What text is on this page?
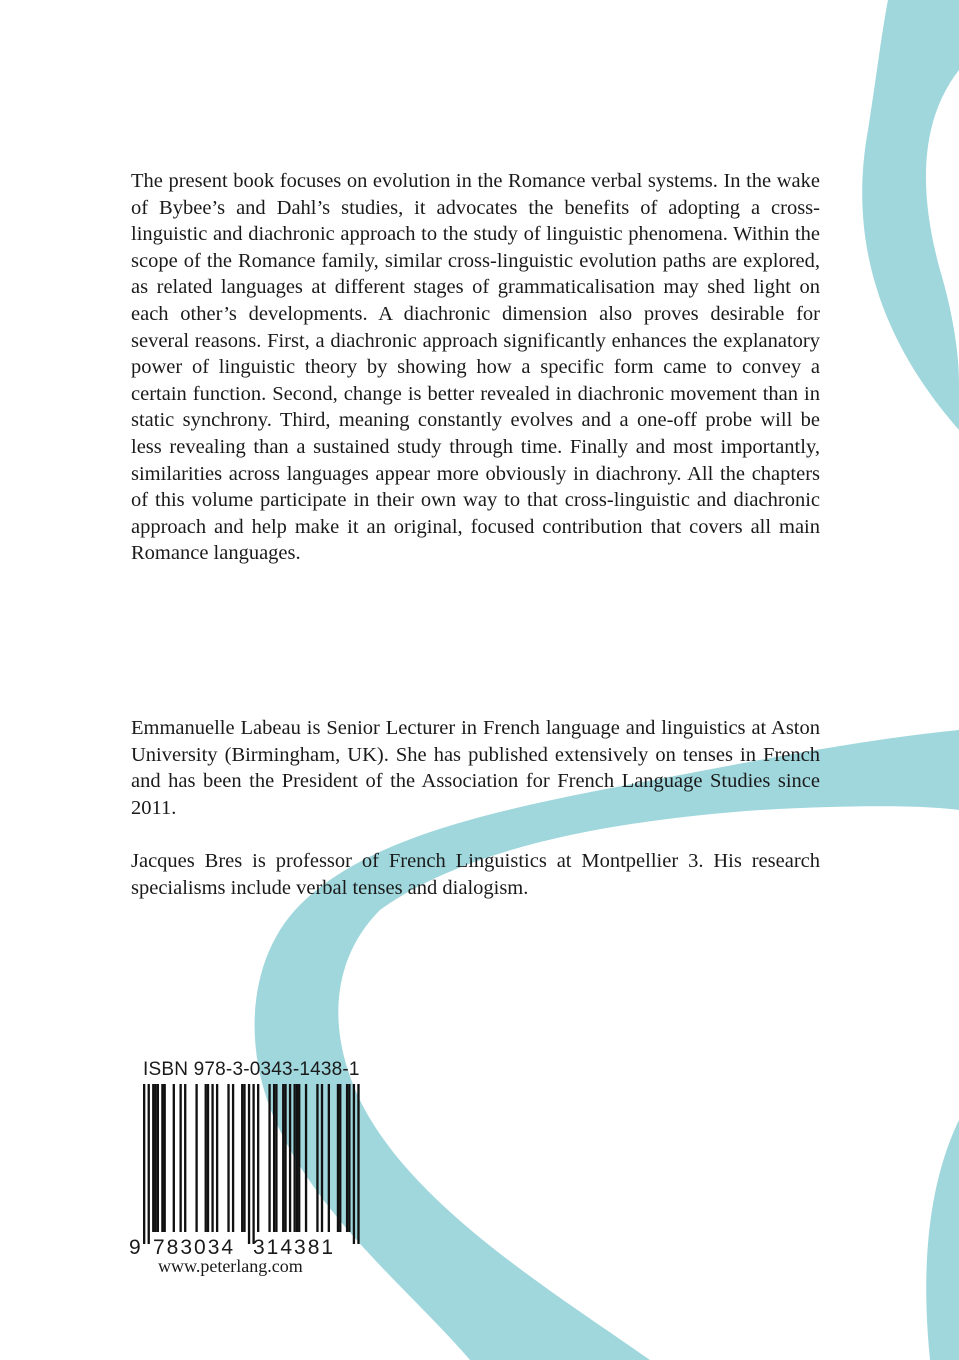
The present book focuses on evolution in the Romance verbal systems. In the wake of Bybee’s and Dahl’s studies, it advocates the benefits of adopting a cross-linguistic and diachronic approach to the study of linguistic phenomena. Within the scope of the Romance family, similar cross-linguistic evolution paths are explored, as related languages at different stages of grammaticalisation may shed light on each other’s developments. A diachronic dimension also proves desirable for several reasons. First, a diachronic approach significantly enhances the explanatory power of linguistic theory by showing how a specific form came to convey a certain function. Second, change is better revealed in diachronic movement than in static synchrony. Third, meaning constantly evolves and a one-off probe will be less revealing than a sustained study through time. Finally and most importantly, similarities across languages appear more obviously in diachrony. All the chapters of this volume participate in their own way to that cross-linguistic and diachronic approach and help make it an original, focused contribution that covers all main Romance languages.

Emmanuelle Labeau is Senior Lecturer in French language and linguistics at Aston University (Birmingham, UK). She has published extensively on tenses in French and has been the President of the Association for French Language Studies since 2011.

Jacques Bres is professor of French Linguistics at Montpellier 3. His research specialisms include verbal tenses and dialogism.

ISBN 978-3-0343-1438-1
9 783034 314381
www.peterlang.com
